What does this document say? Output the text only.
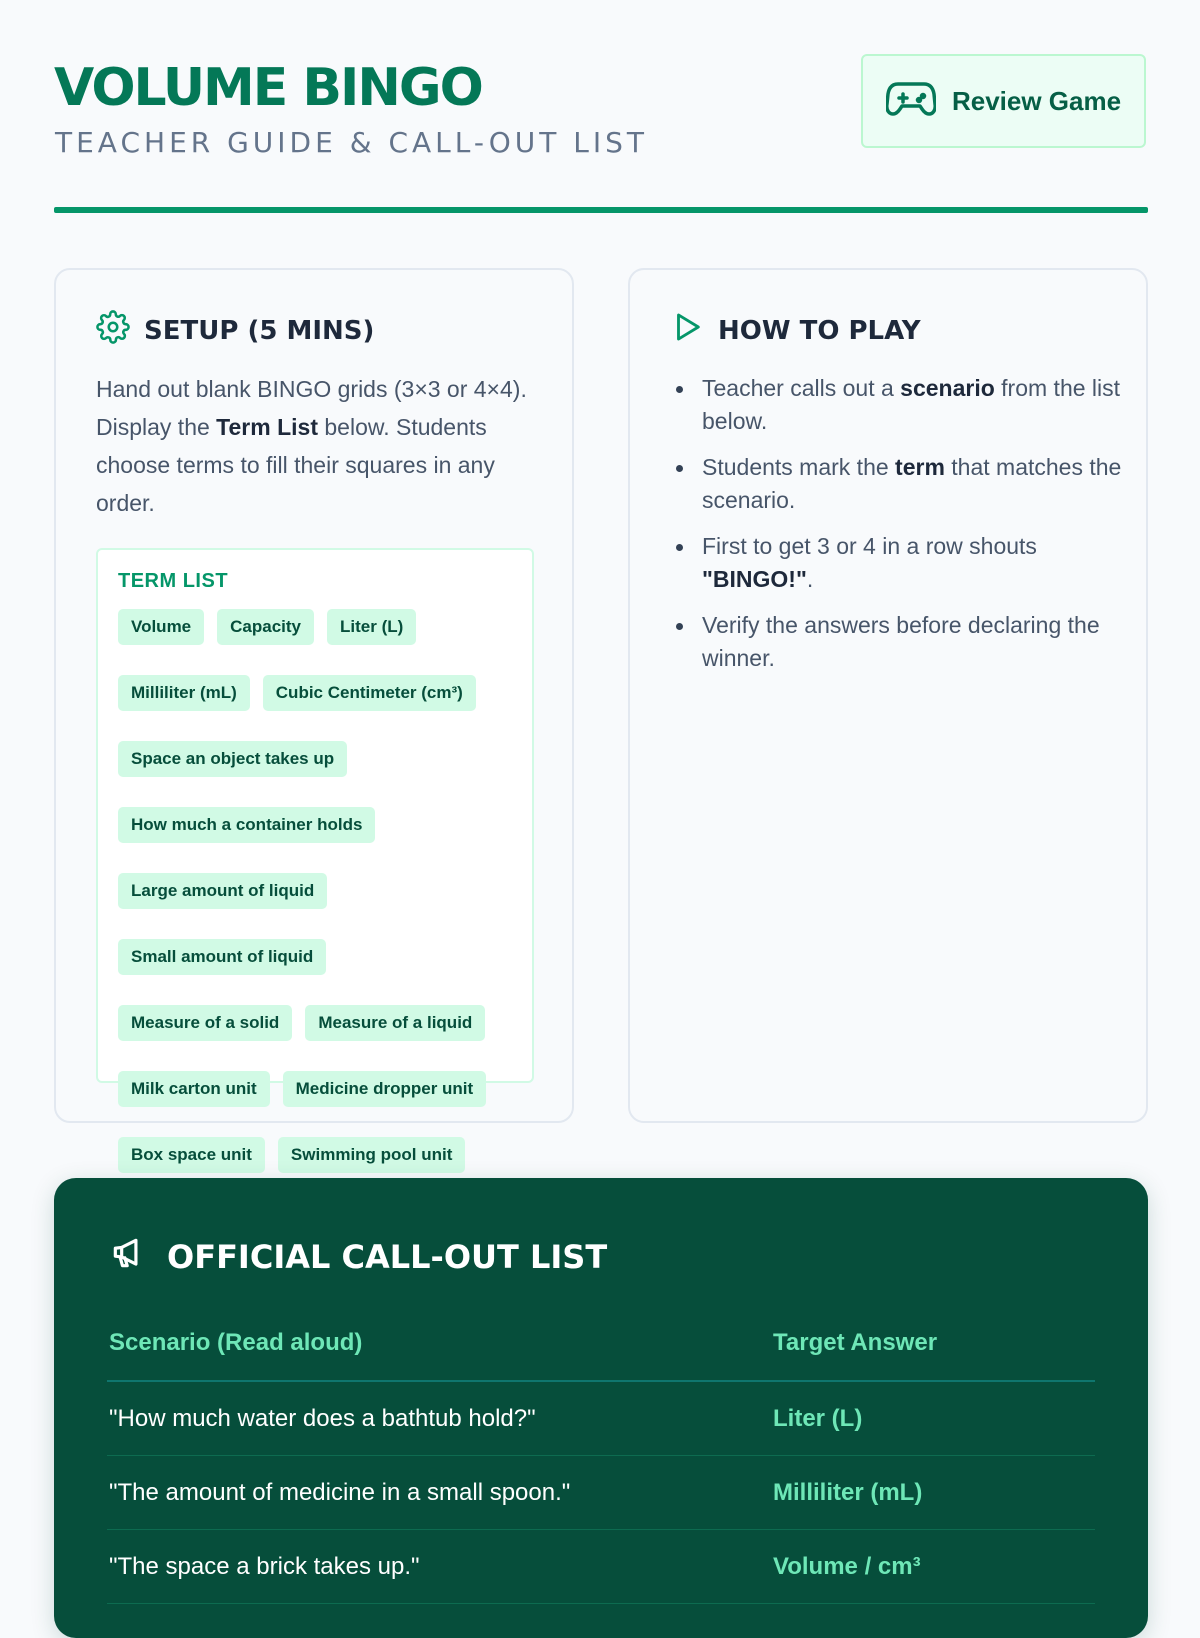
VOLUME BINGO
TEACHER GUIDE & CALL-OUT LIST
Review Game
SETUP (5 MINS)
Hand out blank BINGO grids (3×3 or 4×4). Display the Term List below. Students choose terms to fill their squares in any order.
TERM LIST
Volume	Capacity	Liter (L)
Milliliter (mL)	Cubic Centimeter (cm³)
Space an object takes up
How much a container holds
Large amount of liquid
Small amount of liquid
Measure of a solid	Measure of a liquid
Milk carton unit	Medicine dropper unit
Box space unit	Swimming pool unit
HOW TO PLAY
Teacher calls out a scenario from the list below.
Students mark the term that matches the scenario.
First to get 3 or 4 in a row shouts "BINGO!".
Verify the answers before declaring the winner.
OFFICIAL CALL-OUT LIST
Scenario (Read aloud)	Target Answer
"How much water does a bathtub hold?"	Liter (L)
"The amount of medicine in a small spoon."	Milliliter (mL)
"The space a brick takes up."	Volume / cm³
